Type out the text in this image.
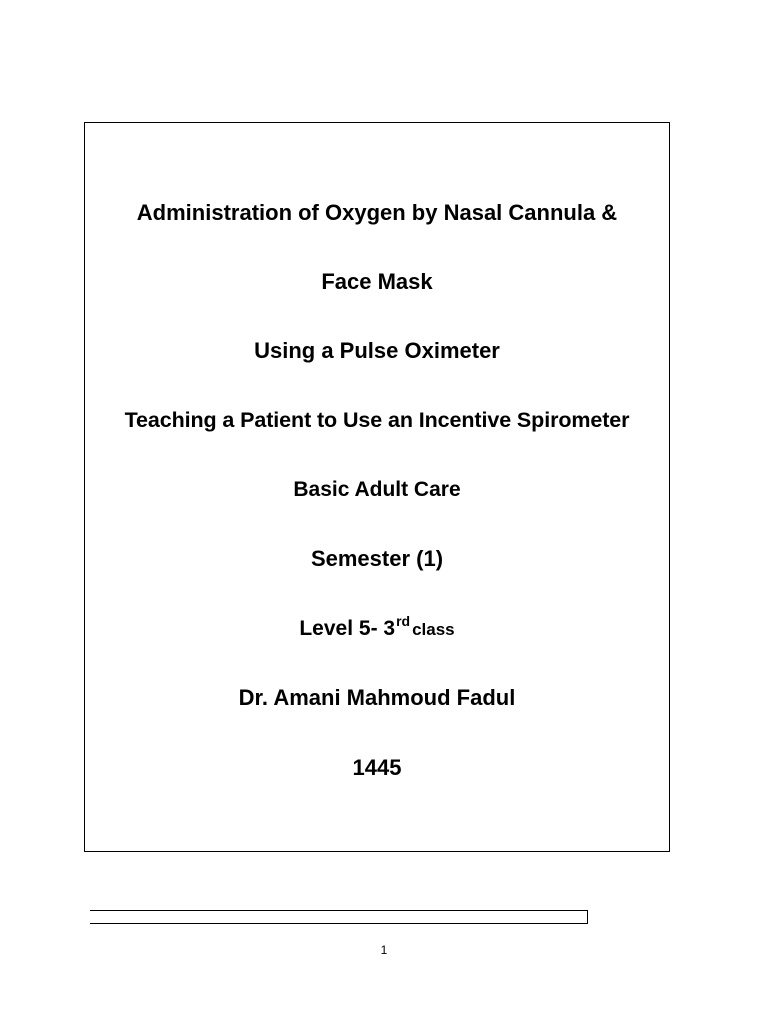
Administration of Oxygen by Nasal Cannula &
Face Mask
Using a Pulse Oximeter
Teaching a Patient to Use an Incentive Spirometer
Basic Adult Care
Semester (1)
Level 5- 3rd class
Dr. Amani Mahmoud Fadul
1445
1
